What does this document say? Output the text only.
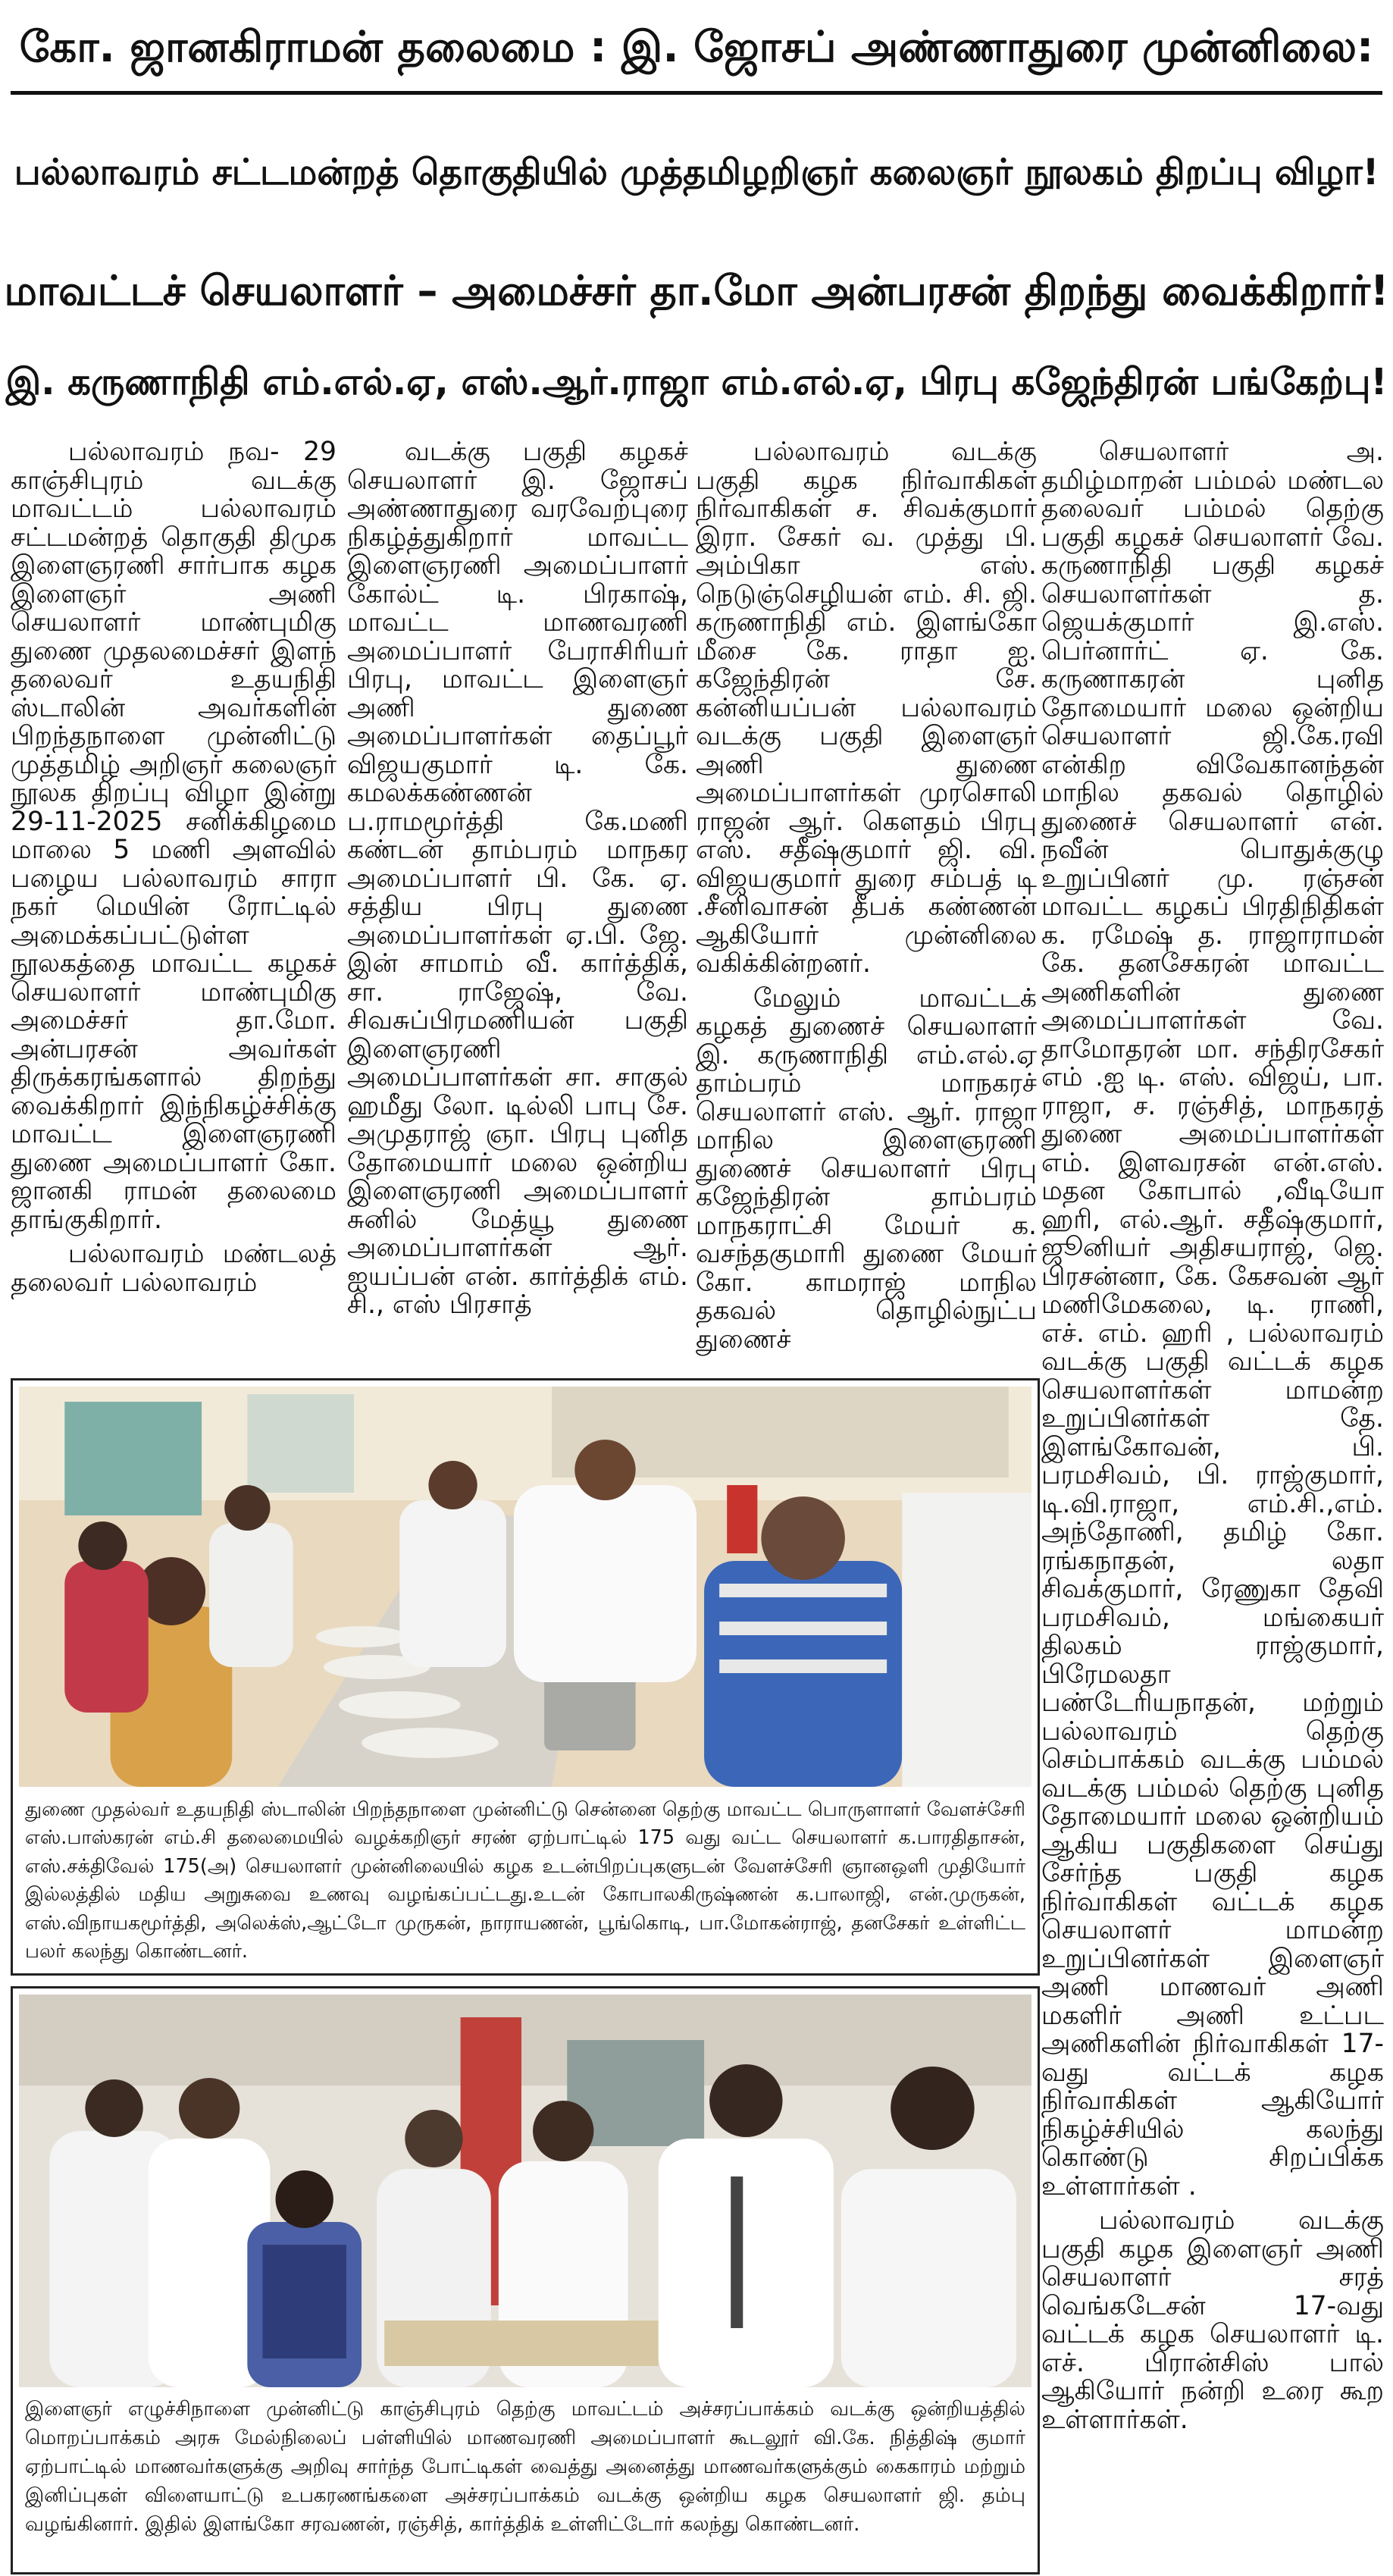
கோ. ஜானகிராமன் தலைமை : இ. ஜோசப் அண்ணாதுரை முன்னிலை:
பல்லாவரம் சட்டமன்றத் தொகுதியில் முத்தமிழறிஞர் கலைஞர் நூலகம் திறப்பு விழா!
மாவட்டச் செயலாளர் – அமைச்சர் தா.மோ அன்பரசன் திறந்து வைக்கிறார்!
இ. கருணாநிதி எம்.எல்.ஏ, எஸ்.ஆர்.ராஜா எம்.எல்.ஏ, பிரபு கஜேந்திரன் பங்கேற்பு!

பல்லாவரம் நவ- 29 காஞ்சிபுரம் வடக்கு மாவட்டம் பல்லாவரம் சட்டமன்றத் தொகுதி திமுக இளைஞரணி சார்பாக கழக இளைஞர் அணி செயலாளர் மாண்புமிகு துணை முதலமைச்சர் இளந் தலைவர் உதயநிதி ஸ்டாலின் அவர்களின் பிறந்தநாளை முன்னிட்டு முத்தமிழ் அறிஞர் கலைஞர் நூலக திறப்பு விழா இன்று 29-11-2025 சனிக்கிழமை மாலை 5 மணி அளவில் பழைய பல்லாவரம் சாரா நகர் மெயின் ரோட்டில் அமைக்கப்பட்டுள்ள நூலகத்தை மாவட்ட கழகச் செயலாளர் மாண்புமிகு அமைச்சர் தா.மோ. அன்பரசன் அவர்கள் திருக்கரங்களால் திறந்து வைக்கிறார் இந்நிகழ்ச்சிக்கு மாவட்ட இளைஞரணி துணை அமைப்பாளர் கோ. ஜானகி ராமன் தலைமை தாங்குகிறார்.

பல்லாவரம் மண்டலத் தலைவர் பல்லாவரம்

வடக்கு பகுதி கழகச் செயலாளர் இ. ஜோசப் அண்ணாதுரை வரவேற்புரை நிகழ்த்துகிறார் மாவட்ட இளைஞரணி அமைப்பாளர் கோல்ட் டி. பிரகாஷ், மாவட்ட மாணவரணி அமைப்பாளர் பேராசிரியர் பிரபு, மாவட்ட இளைஞர் அணி துணை அமைப்பாளர்கள் தைப்பூர் விஜயகுமார் டி. கே. கமலக்கண்ணன் ப.ராமமூர்த்தி கே.மணி கண்டன் தாம்பரம் மாநகர அமைப்பாளர் பி. கே. ஏ. சத்திய பிரபு துணை அமைப்பாளர்கள் ஏ.பி. ஜே. இன் சாமாம் வீ. கார்த்திக், சா. ராஜேஷ், வே. சிவசுப்பிரமணியன் பகுதி இளைஞரணி அமைப்பாளர்கள் சா. சாகுல் ஹமீது லோ. டில்லி பாபு சே. அமுதராஜ் ஞா. பிரபு புனித தோமையார் மலை ஒன்றிய இளைஞரணி அமைப்பாளர் சுனில் மேத்யூ துணை அமைப்பாளர்கள் ஆர். ஐயப்பன் என். கார்த்திக் எம். சி., எஸ் பிரசாத்

பல்லாவரம் வடக்கு பகுதி கழக நிர்வாகிகள் நிர்வாகிகள் ச. சிவக்குமார் இரா. சேகர் வ. முத்து பி. அம்பிகா எஸ். நெடுஞ்செழியன் எம். சி. ஜி. கருணாநிதி எம். இளங்கோ மீசை கே. ராதா ஐ. கஜேந்திரன் சே. கன்னியப்பன் பல்லாவரம் வடக்கு பகுதி இளைஞர் அணி துணை அமைப்பாளர்கள் முரசொலி ராஜன் ஆர். கௌதம் பிரபு எஸ். சதீஷ்குமார் ஜி. வி. விஜயகுமார் துரை சம்பத் டி .சீனிவாசன் தீபக் கண்ணன் ஆகியோர் முன்னிலை வகிக்கின்றனர்.

மேலும் மாவட்டக் கழகத் துணைச் செயலாளர் இ. கருணாநிதி எம்.எல்.ஏ தாம்பரம் மாநகரச் செயலாளர் எஸ். ஆர். ராஜா மாநில இளைஞரணி துணைச் செயலாளர் பிரபு கஜேந்திரன் தாம்பரம் மாநகராட்சி மேயர் க. வசந்தகுமாரி துணை மேயர் கோ. காமராஜ் மாநில தகவல் தொழில்நுட்ப துணைச்

செயலாளர் அ. தமிழ்மாறன் பம்மல் மண்டல தலைவர் பம்மல் தெற்கு பகுதி கழகச் செயலாளர் வே. கருணாநிதி பகுதி கழகச் செயலாளர்கள் த. ஜெயக்குமார் இ.எஸ். பெர்னார்ட் ஏ. கே. கருணாகரன் புனித தோமையார் மலை ஒன்றிய செயலாளர் ஜி.கே.ரவி என்கிற விவேகானந்தன் மாநில தகவல் தொழில் துணைச் செயலாளர் என். நவீன் பொதுக்குழு உறுப்பினர் மு. ரஞ்சன் மாவட்ட கழகப் பிரதிநிதிகள் க. ரமேஷ் த. ராஜாராமன் கே. தனசேகரன் மாவட்ட அணிகளின் துணை அமைப்பாளர்கள் வே. தாமோதரன் மா. சந்திரசேகர் எம் .ஐ டி. எஸ். விஜய், பா. ராஜா, ச. ரஞ்சித், மாநகரத் துணை அமைப்பாளர்கள் எம். இளவரசன் என்.எஸ். மதன கோபால் ,வீடியோ ஹரி, எல்.ஆர். சதீஷ்குமார், ஜூனியர் அதிசயராஜ், ஜெ. பிரசன்னா, கே. கேசவன் ஆர் மணிமேகலை, டி. ராணி, எச். எம். ஹரி , பல்லாவரம் வடக்கு பகுதி வட்டக் கழக செயலாளர்கள் மாமன்ற உறுப்பினர்கள் தே. இளங்கோவன், பி. பரமசிவம், பி. ராஜ்குமார், டி.வி.ராஜா, எம்.சி.,எம். அந்தோணி, தமிழ் கோ. ரங்கநாதன், லதா சிவக்குமார், ரேணுகா தேவி பரமசிவம், மங்கையர் திலகம் ராஜ்குமார், பிரேமலதா பண்டேரியநாதன், மற்றும் பல்லாவரம் தெற்கு செம்பாக்கம் வடக்கு பம்மல் வடக்கு பம்மல் தெற்கு புனித தோமையார் மலை ஒன்றியம் ஆகிய பகுதிகளை செய்து சேர்ந்த பகுதி கழக நிர்வாகிகள் வட்டக் கழக செயலாளர் மாமன்ற உறுப்பினர்கள் இளைஞர் அணி மாணவர் அணி மகளிர் அணி உட்பட அணிகளின் நிர்வாகிகள் 17-வது வட்டக் கழக நிர்வாகிகள் ஆகியோர் நிகழ்ச்சியில் கலந்து கொண்டு சிறப்பிக்க உள்ளார்கள் .

பல்லாவரம் வடக்கு பகுதி கழக இளைஞர் அணி செயலாளர் சரத் வெங்கடேசன் 17-வது வட்டக் கழக செயலாளர் டி. எச். பிரான்சிஸ் பால் ஆகியோர் நன்றி உரை கூற உள்ளார்கள்.

துணை முதல்வர் உதயநிதி ஸ்டாலின் பிறந்தநாளை முன்னிட்டு சென்னை தெற்கு மாவட்ட பொருளாளர் வேளச்சேரி எஸ்.பாஸ்கரன் எம்.சி தலைமையில் வழக்கறிஞர் சரண் ஏற்பாட்டில் 175 வது வட்ட செயலாளர் க.பாரதிதாசன், எஸ்.சக்திவேல் 175(அ) செயலாளர் முன்னிலையில் கழக உடன்பிறப்புகளுடன் வேளச்சேரி ஞானஒளி முதியோர் இல்லத்தில் மதிய அறுசுவை உணவு வழங்கப்பட்டது.உடன் கோபாலகிருஷ்ணன் க.பாலாஜி, என்.முருகன், எஸ்.விநாயகமூர்த்தி, அலெக்ஸ்,ஆட்டோ முருகன், நாராயணன், பூங்கொடி, பா.மோகன்ராஜ், தனசேகர் உள்ளிட்ட பலர் கலந்து கொண்டனர்.
இளைஞர் எழுச்சிநாளை முன்னிட்டு காஞ்சிபுரம் தெற்கு மாவட்டம் அச்சரப்பாக்கம் வடக்கு ஒன்றியத்தில் மொறப்பாக்கம் அரசு மேல்நிலைப் பள்ளியில் மாணவரணி அமைப்பாளர் கூடலூர் வி.கே. நித்திஷ் குமார் ஏற்பாட்டில் மாணவர்களுக்கு அறிவு சார்ந்த போட்டிகள் வைத்து அனைத்து மாணவர்களுக்கும் கைகாரம் மற்றும் இனிப்புகள் விளையாட்டு உபகரணங்களை அச்சரப்பாக்கம் வடக்கு ஒன்றிய கழக செயலாளர் ஜி. தம்பு வழங்கினார். இதில் இளங்கோ சரவணன், ரஞ்சித், கார்த்திக் உள்ளிட்டோர் கலந்து கொண்டனர்.
